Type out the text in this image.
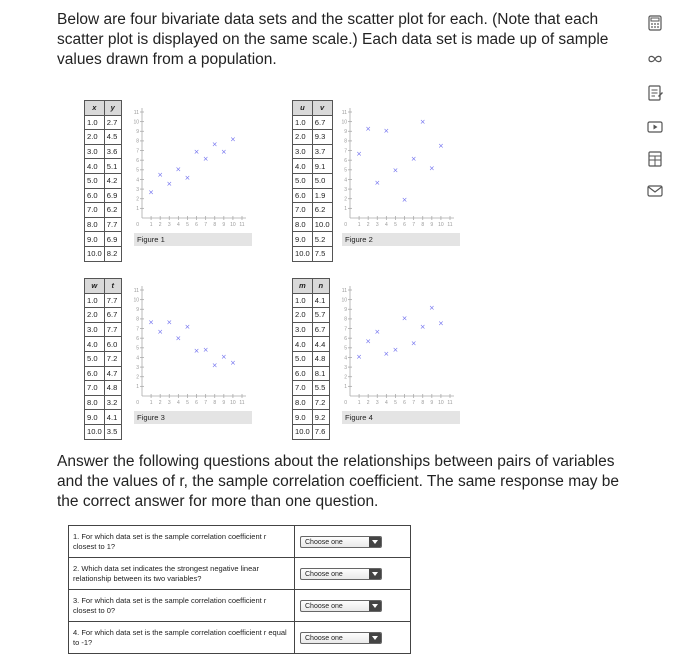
Below are four bivariate data sets and the scatter plot for each. (Note that each scatter plot is displayed on the same scale.) Each data set is made up of sample values drawn from a population.

x	y
1.0	2.7
2.0	4.5
3.0	3.6
4.0	5.1
5.0	4.2
6.0	6.9
7.0	6.2
8.0	7.7
9.0	6.9
10.0	8.2
1 2 3 4 5 6 7 8 9 10 11
1
2
3
4
5
6
7
8
9
10
11
0
×
×
×
×
×
×
×
×
×
×
Figure 1
u	v
1.0	6.7
2.0	9.3
3.0	3.7
4.0	9.1
5.0	5.0
6.0	1.9
7.0	6.2
8.0	10.0
9.0	5.2
10.0	7.5
1 2 3 4 5 6 7 8 9 10 11
1
2
3
4
5
6
7
8
9
10
11
0
×
×
×
×
×
×
×
×
×
×
Figure 2
w	t
1.0	7.7
2.0	6.7
3.0	7.7
4.0	6.0
5.0	7.2
6.0	4.7
7.0	4.8
8.0	3.2
9.0	4.1
10.0	3.5
1 2 3 4 5 6 7 8 9 10 11
1
2
3
4
5
6
7
8
9
10
11
0
×
×
×
×
×
× ×
×
×
×
Figure 3
m	n
1.0	4.1
2.0	5.7
3.0	6.7
4.0	4.4
5.0	4.8
6.0	8.1
7.0	5.5
8.0	7.2
9.0	9.2
10.0	7.6
1 2 3 4 5 6 7 8 9 10 11
1
2
3
4
5
6
7
8
9
10
11
0
×
×
×
× ×
×
×
×
×
×
Figure 4

Answer the following questions about the relationships between pairs of variables and the values of r, the sample correlation coefficient. The same response may be the correct answer for more than one question.

1. For which data set is the sample correlation coefficient r closest to 1?	Choose one

2. Which data set indicates the strongest negative linear relationship between its two variables?	Choose one

3. For which data set is the sample correlation coefficient r closest to 0?	Choose one

4. For which data set is the sample correlation coefficient r equal to -1?	Choose one
